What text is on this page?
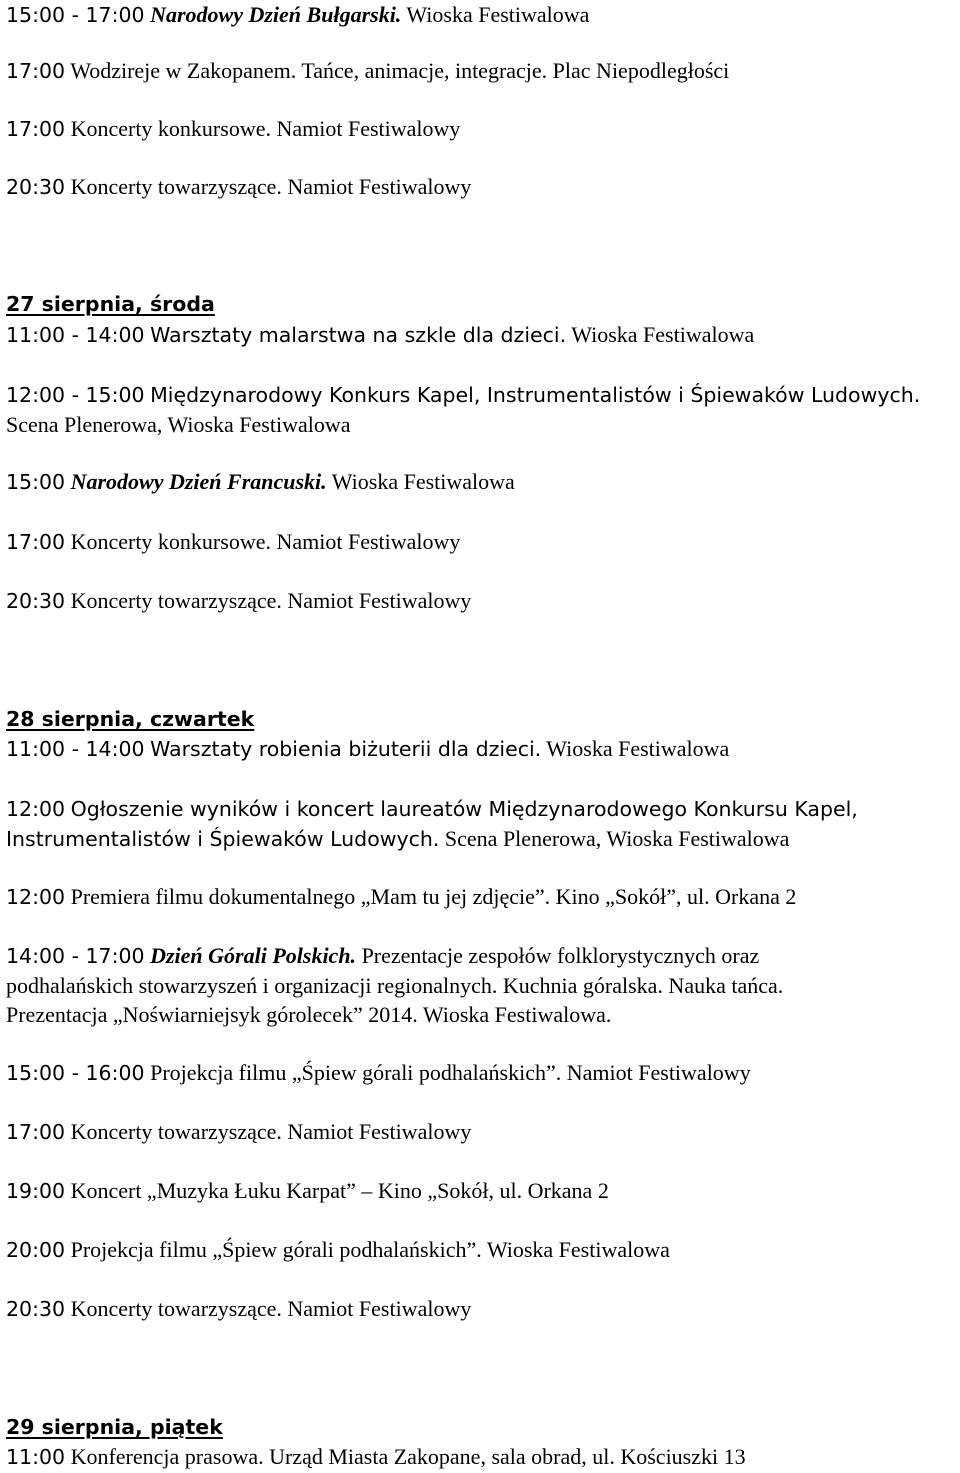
15:00 - 17:00 Narodowy Dzień Bułgarski. Wioska Festiwalowa
17:00 Wodzireje w Zakopanem. Tańce, animacje, integracje. Plac Niepodległości
17:00 Koncerty konkursowe. Namiot Festiwalowy
20:30 Koncerty towarzyszące. Namiot Festiwalowy
27 sierpnia, środa
11:00 - 14:00 Warsztaty malarstwa na szkle dla dzieci. Wioska Festiwalowa
12:00 - 15:00 Międzynarodowy Konkurs Kapel, Instrumentalistów i Śpiewaków Ludowych.
Scena Plenerowa, Wioska Festiwalowa
15:00 Narodowy Dzień Francuski. Wioska Festiwalowa
17:00 Koncerty konkursowe. Namiot Festiwalowy
20:30 Koncerty towarzyszące. Namiot Festiwalowy
28 sierpnia, czwartek
11:00 - 14:00 Warsztaty robienia biżuterii dla dzieci. Wioska Festiwalowa
12:00 Ogłoszenie wyników i koncert laureatów Międzynarodowego Konkursu Kapel,
Instrumentalistów i Śpiewaków Ludowych. Scena Plenerowa, Wioska Festiwalowa
12:00 Premiera filmu dokumentalnego „Mam tu jej zdjęcie”. Kino „Sokół”, ul. Orkana 2
14:00 - 17:00 Dzień Górali Polskich. Prezentacje zespołów folklorystycznych oraz
podhalańskich stowarzyszeń i organizacji regionalnych. Kuchnia góralska. Nauka tańca.
Prezentacja „Noświarniejsyk górolecek” 2014. Wioska Festiwalowa.
15:00 - 16:00 Projekcja filmu „Śpiew górali podhalańskich”. Namiot Festiwalowy
17:00 Koncerty towarzyszące. Namiot Festiwalowy
19:00 Koncert „Muzyka Łuku Karpat” – Kino „Sokół, ul. Orkana 2
20:00 Projekcja filmu „Śpiew górali podhalańskich”. Wioska Festiwalowa
20:30 Koncerty towarzyszące. Namiot Festiwalowy
29 sierpnia, piątek
11:00 Konferencja prasowa. Urząd Miasta Zakopane, sala obrad, ul. Kościuszki 13
